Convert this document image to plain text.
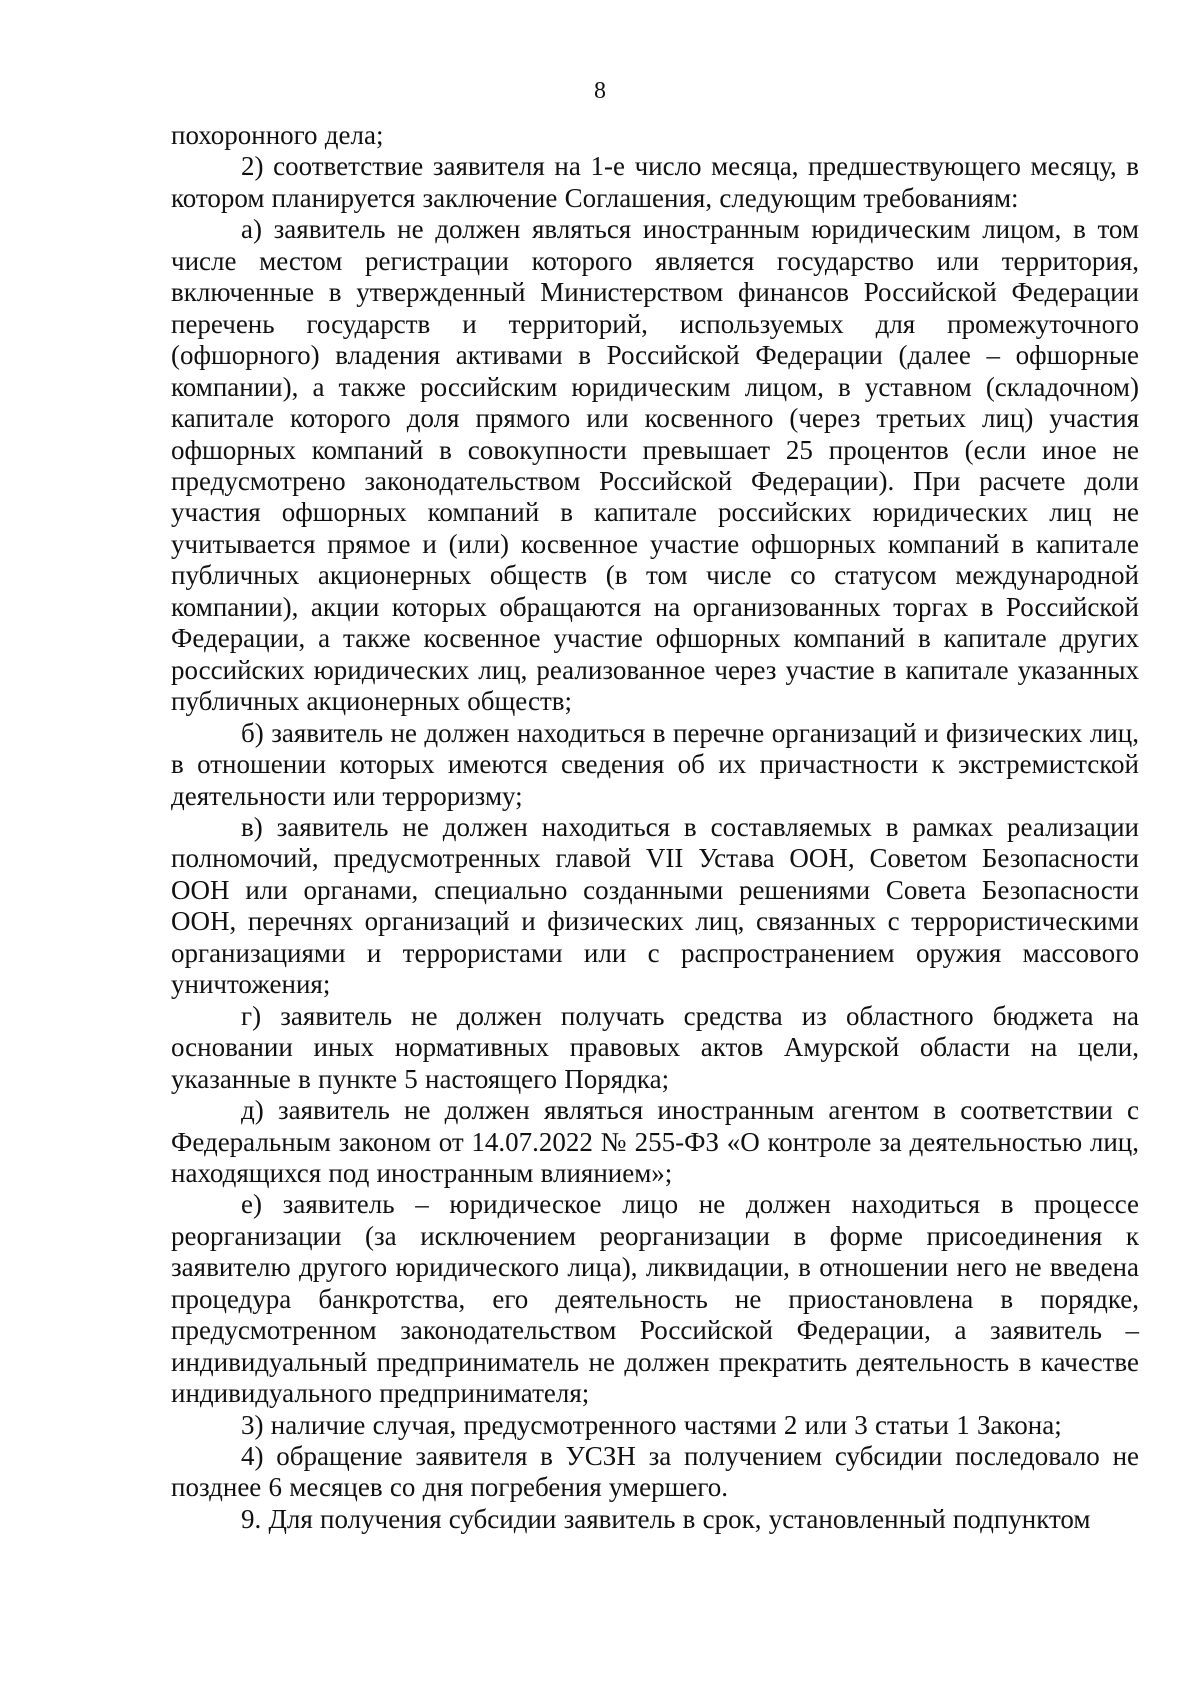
8

похоронного дела;

2) соответствие заявителя на 1-е число месяца, предшествующего месяцу, в котором планируется заключение Соглашения, следующим требованиям:

а) заявитель не должен являться иностранным юридическим лицом, в том числе местом регистрации которого является государство или территория, включенные в утвержденный Министерством финансов Российской Федерации перечень государств и территорий, используемых для промежуточного (офшорного) владения активами в Российской Федерации (далее – офшорные компании), а также российским юридическим лицом, в уставном (складочном) капитале которого доля прямого или косвенного (через третьих лиц) участия офшорных компаний в совокупности превышает 25 процентов (если иное не предусмотрено законодательством Российской Федерации). При расчете доли участия офшорных компаний в капитале российских юридических лиц не учитывается прямое и (или) косвенное участие офшорных компаний в капитале публичных акционерных обществ (в том числе со статусом международной компании), акции которых обращаются на организованных торгах в Российской Федерации, а также косвенное участие офшорных компаний в капитале других российских юридических лиц, реализованное через участие в капитале указанных публичных акционерных обществ;

б) заявитель не должен находиться в перечне организаций и физических лиц, в отношении которых имеются сведения об их причастности к экстремистской деятельности или терроризму;

в) заявитель не должен находиться в составляемых в рамках реализации полномочий, предусмотренных главой VII Устава ООН, Советом Безопасности ООН или органами, специально созданными решениями Совета Безопасности ООН, перечнях организаций и физических лиц, связанных с террористическими организациями и террористами или с распространением оружия массового уничтожения;

г) заявитель не должен получать средства из областного бюджета на основании иных нормативных правовых актов Амурской области на цели, указанные в пункте 5 настоящего Порядка;

д) заявитель не должен являться иностранным агентом в соответствии с Федеральным законом от 14.07.2022 № 255-ФЗ «О контроле за деятельностью лиц, находящихся под иностранным влиянием»;

е) заявитель – юридическое лицо не должен находиться в процессе реорганизации (за исключением реорганизации в форме присоединения к заявителю другого юридического лица), ликвидации, в отношении него не введена процедура банкротства, его деятельность не приостановлена в порядке, предусмотренном законодательством Российской Федерации, а заявитель – индивидуальный предприниматель не должен прекратить деятельность в качестве индивидуального предпринимателя;

3) наличие случая, предусмотренного частями 2 или 3 статьи 1 Закона;

4) обращение заявителя в УСЗН за получением субсидии последовало не позднее 6 месяцев со дня погребения умершего.

9. Для получения субсидии заявитель в срок, установленный подпунктом
